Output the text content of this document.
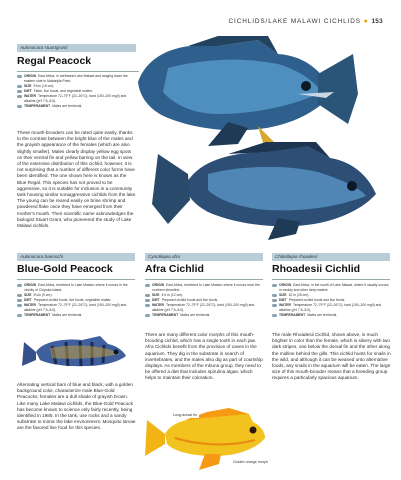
CICHLIDS/LAKE MALAWI CICHLIDS ● 153
Aulonocara stuartgranti
Regal Peacock
ORIGIN East Africa, in northwest Lake Malawi and ranging down the eastern side to Makanjila Point.
SIZE 9¾in (15 cm).
DIET Flake, live foods, and vegetable matter.
WATER Temperature 72–79°F (22–26°C); hard (150–200 mg/l) and alkaline (pH 7.5–8.0).
TEMPERAMENT Males are territorial.
These mouth-brooders can be rated quite easily, thanks to the contrast between the bright blue of the males and the grayish appearance of the females (which are also slightly smaller). Males clearly display yellow egg spots on their ventral fin and yellow barring on the tail. In view of the extensive distribution of this cichlid, however, it is not surprising that a number of different color forms have been identified. The one shown here is known as the Blue Regal. This species has not proved to be aggressive, so it is suitable for inclusion in a community tank housing similar nonaggressive cichlids from the lake. The young can be reared easily on brine shrimp and powdered flake once they have emerged from their mother's mouth. Their scientific name acknowledges the biologist Stuart Grant, who pioneered the study of Lake Malawi cichlids.
Aulonocara baenschi	Cynotilapia afra	Chilotilapia rhoadesii
Blue-Gold Peacock	Afra Cichlid	Rhoadesii Cichlid
ORIGIN East Africa, restricted to Lake Malawi, where it occurs in the vicinity of Chipoka Island.
SIZE 5¼in (9 cm).
DIET Prepared cichlid foods, live foods, vegetable matter.
WATER Temperature 72–79°F (22–26°C); hard (150–200 mg/l) and alkaline (pH 7.5–8.0).
TEMPERAMENT Males are territorial.
ORIGIN East Africa, restricted to Lake Malawi, where it occurs near the northern shoreline.
SIZE 4¾ in (12 cm).
DIET Prepared cichlid foods and live foods.
WATER Temperature 72–79°F (22–26°C); hard (150–200 mg/l) and alkaline (pH 7.5–8.0).
TEMPERAMENT Males are territorial.
ORIGIN East Africa, in the south of Lake Malawi, where it usually occurs in muddy and other deep waters.
SIZE 10 in (25 cm).
DIET Prepared cichlid foods and live foods.
WATER Temperature 72–79°F (22–26°C); hard (150–200 mg/l) and alkaline (pH 7.5–8.0).
TEMPERAMENT Males are territorial.
Alternating vertical bars of blue and black, with a golden background color, characterize male Blue-Gold Peacocks; females are a dull shade of grayish brown. Like many Lake Malawi cichlids, the Blue-Gold Peacock has become known to science only fairly recently, being identified in 1985. In the tank, use rocks and a sandy substrate to mimic the lake environment. Mosquito larvae are the favored live food for this species.
There are many different color morphs of this mouth-brooding cichlid, which has a single tooth in each jaw. Afra Cichlids benefit from the provision of caves in the aquarium. They dig in the substrate in search of invertebrates, and the males also dig as part of courtship displays. As members of the mbuna group, they need to be offered a diet that includes spirulina algae, which helps to maintain their coloration.
The male Rhoadesii Cichlid, shown above, is much brighter in color than the female, which is silvery with two dark stripes, one below the dorsal fin and the other along the midline behind the gills. This cichlid hunts for snails in the wild, and although it can be weaned onto alternative foods, any snails in the aquarium will be eaten. The large size of this mouth-brooder means that a breeding group requires a particularly spacious aquarium.
Long-dorsal fin
Golden orange morph
